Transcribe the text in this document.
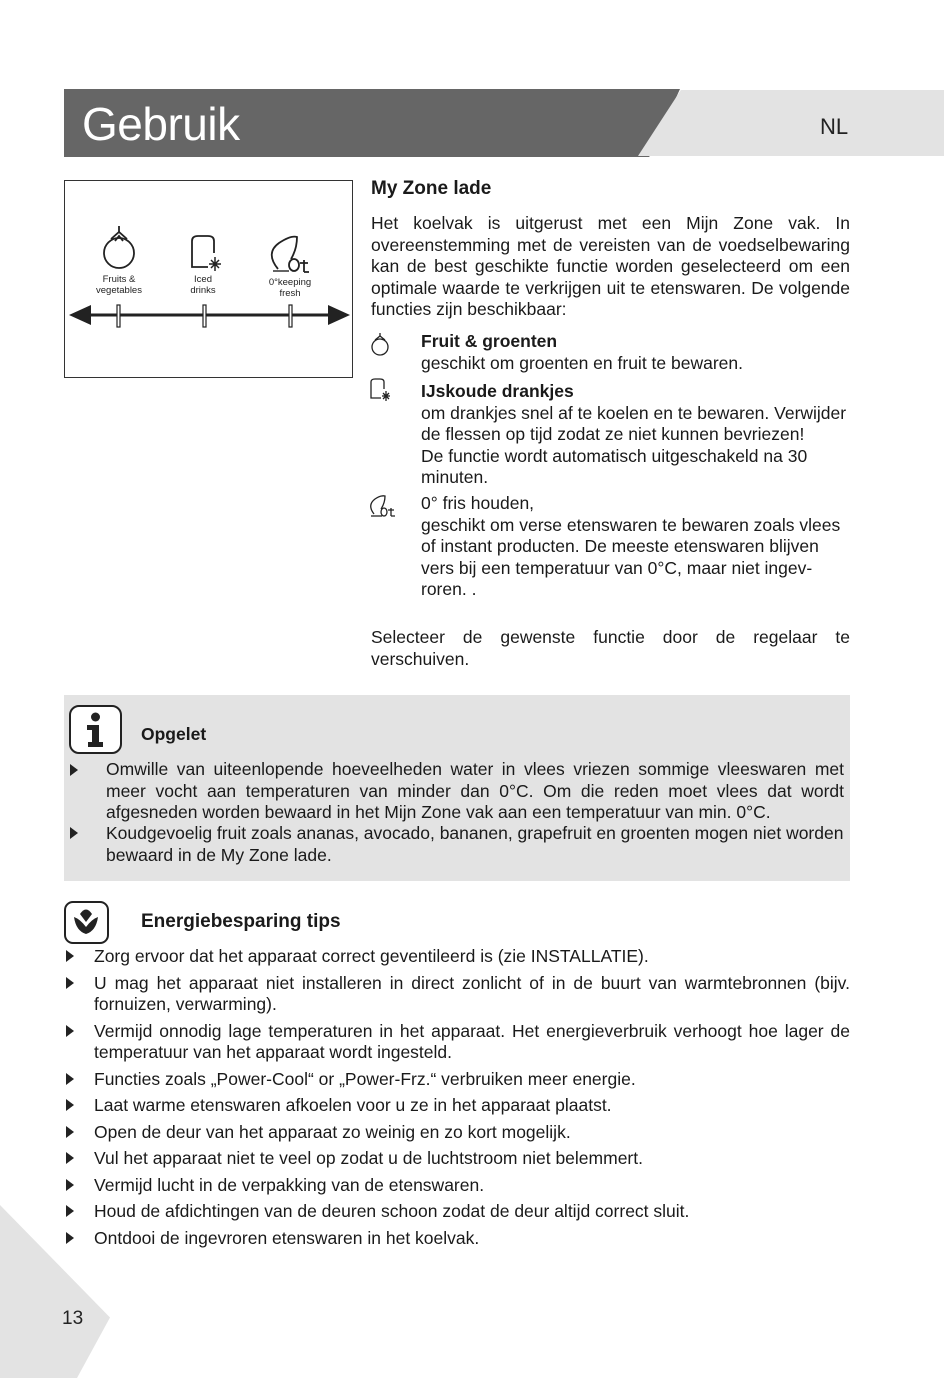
Gebruik	NL
Fruits &
vegetables
Iced
drinks
0°keeping
fresh
My Zone lade
Het koelvak is uitgerust met een Mijn Zone vak. In overeenstemming met de vereisten van de voedselbewaring kan de best geschikte functie worden geselecteerd om een optimale waarde te verkrijgen uit te etenswaren. De volgende functies zijn beschikbaar:
Fruit & groenten
geschikt om groenten en fruit te bewaren.
IJskoude drankjes
om drankjes snel af te koelen en te bewaren. Verwijder
de flessen op tijd zodat ze niet kunnen bevriezen!
De functie wordt automatisch uitgeschakeld na 30
minuten.
0° fris houden,
geschikt om verse etenswaren te bewaren zoals vlees
of instant producten. De meeste etenswaren blijven
vers bij een temperatuur van 0°C, maar niet ingev-
roren. .
Selecteer de gewenste functie door de regelaar te verschuiven.
Opgelet
Omwille van uiteenlopende hoeveelheden water in vlees vriezen sommige vleeswaren met meer vocht aan temperaturen van minder dan 0°C. Om die reden moet vlees dat wordt afgesneden worden bewaard in het Mijn Zone vak aan een temperatuur van min. 0°C.
Koudgevoelig fruit zoals ananas, avocado, bananen, grapefruit en groenten mogen niet worden bewaard in de My Zone lade.
Energiebesparing tips
Zorg ervoor dat het apparaat correct geventileerd is (zie INSTALLATIE).
U mag het apparaat niet installeren in direct zonlicht of in de buurt van warmtebronnen (bijv. fornuizen, verwarming).
Vermijd onnodig lage temperaturen in het apparaat. Het energieverbruik verhoogt hoe lager de temperatuur van het apparaat wordt ingesteld.
Functies zoals „Power-Cool“ or „Power-Frz.“ verbruiken meer energie.
Laat warme etenswaren afkoelen voor u ze in het apparaat plaatst.
Open de deur van het apparaat zo weinig en zo kort mogelijk.
Vul het apparaat niet te veel op zodat u de luchtstroom niet belemmert.
Vermijd lucht in de verpakking van de etenswaren.
Houd de afdichtingen van de deuren schoon zodat de deur altijd correct sluit.
Ontdooi de ingevroren etenswaren in het koelvak.
13
